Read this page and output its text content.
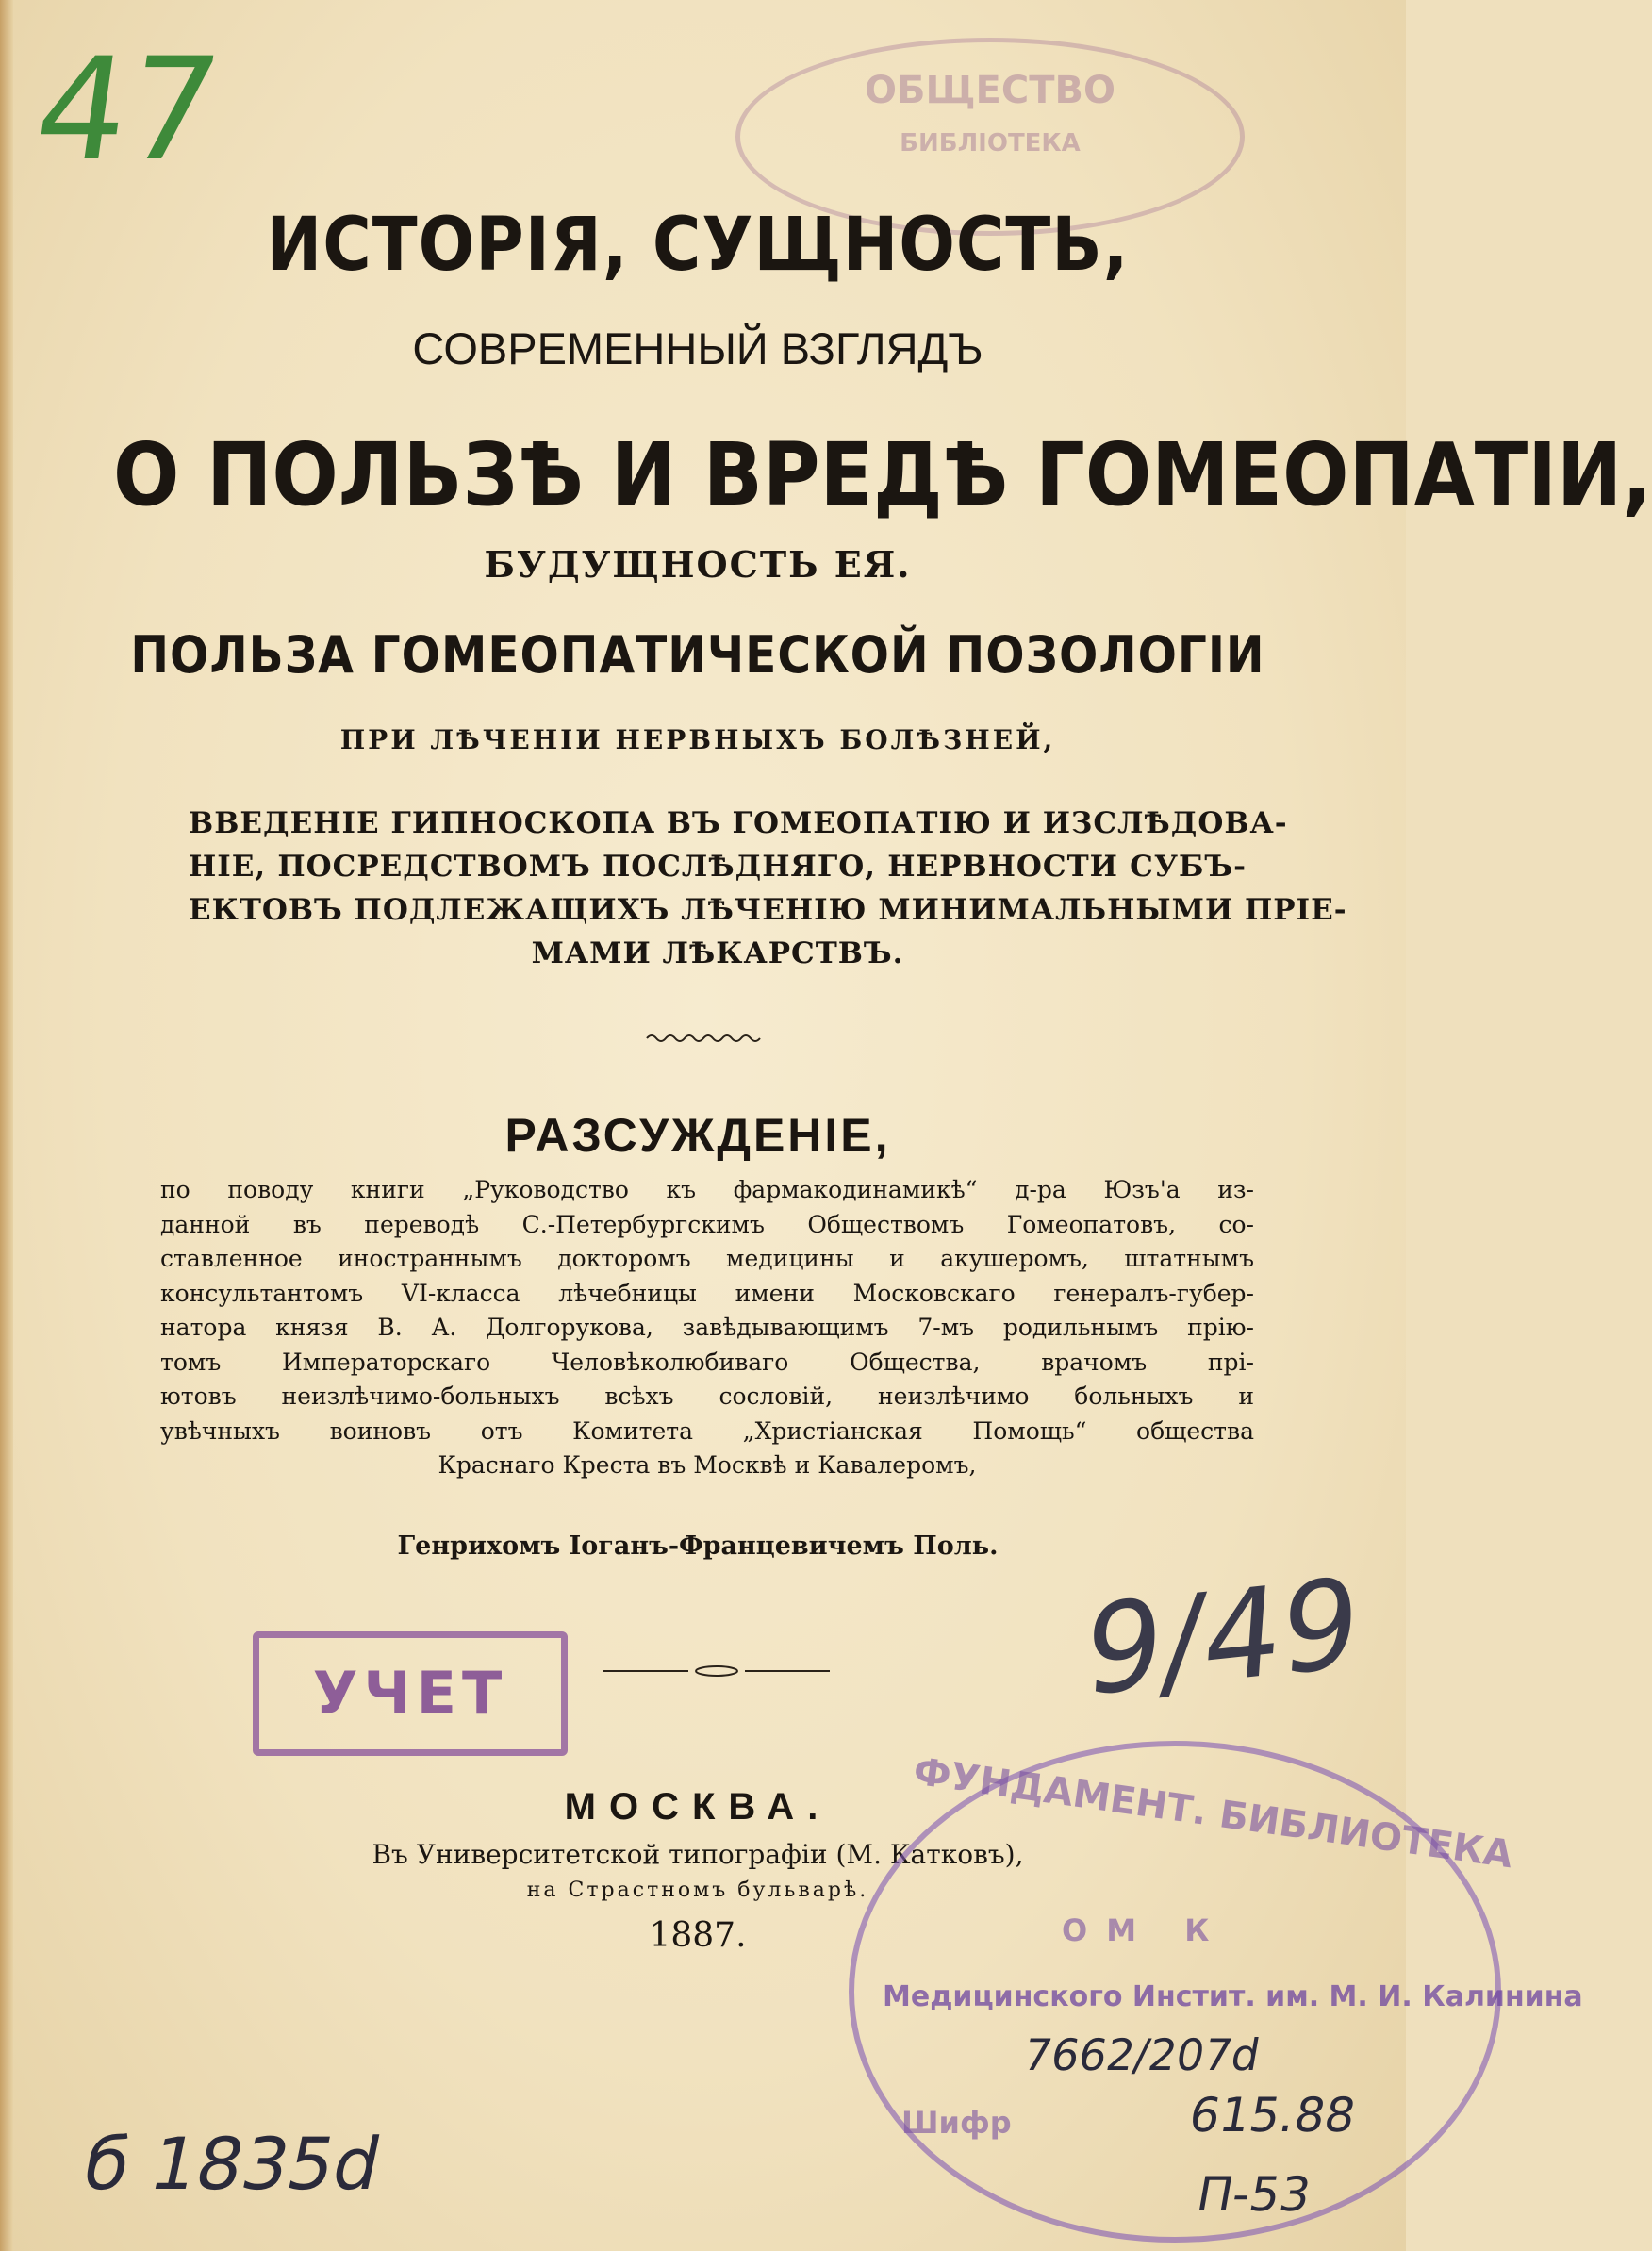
47	ОБЩЕСТВО
БИБЛІОТЕКА
ИСТОРІЯ, СУЩНОСТЬ,
СОВРЕМЕННЫЙ ВЗГЛЯДЪ
О ПОЛЬЗѢ И ВРЕДѢ ГОМЕОПАТІИ,
БУДУЩНОСТЬ ЕЯ.
ПОЛЬЗА ГОМЕОПАТИЧЕСКОЙ ПОЗОЛОГІИ
ПРИ ЛѢЧЕНІИ НЕРВНЫХЪ БОЛѢЗНЕЙ,
ВВЕДЕНІЕ ГИПНОСКОПА ВЪ ГОМЕОПАТІЮ И ИЗСЛѢДОВА-
НІЕ, ПОСРЕДСТВОМЪ ПОСЛѢДНЯГО, НЕРВНОСТИ СУБЪ-
ЕКТОВЪ ПОДЛЕЖАЩИХЪ ЛѢЧЕНІЮ МИНИМАЛЬНЫМИ ПРІЕ-
МАМИ ЛѢКАРСТВЪ.
РАЗСУЖДЕНІЕ,
по поводу книги „Руководство къ фармакодинамикѣ“ д-ра Юзъ'а из-
данной въ переводѣ С.-Петербургскимъ Обществомъ Гомеопатовъ, со-
ставленное иностраннымъ докторомъ медицины и акушеромъ, штатнымъ
консультантомъ VI-класса лѣчебницы имени Московскаго генералъ-губер-
натора князя В. А. Долгорукова, завѣдывающимъ 7-мъ родильнымъ прію-
томъ Императорскаго Человѣколюбиваго Общества, врачомъ прі-
ютовъ неизлѣчимо-больныхъ всѣхъ сословій, неизлѣчимо больныхъ и
увѣчныхъ воиновъ отъ Комитета „Христіанская Помощь“ общества
Краснаго Креста въ Москвѣ и Кавалеромъ,
Генрихомъ Іоганъ-Францевичемъ Поль.
УЧЕТ	9/49
МОСКВА.
Въ Университетской типографіи (М. Катковъ),
на Страстномъ бульварѣ.
1887.
ФУНДАМЕНТ. БИБЛИОТЕКА
ОМ К
Медицинского Инстит. им. М. И. Калинина
7662/207d
Шифр
б 1835d
615.88
П-53
